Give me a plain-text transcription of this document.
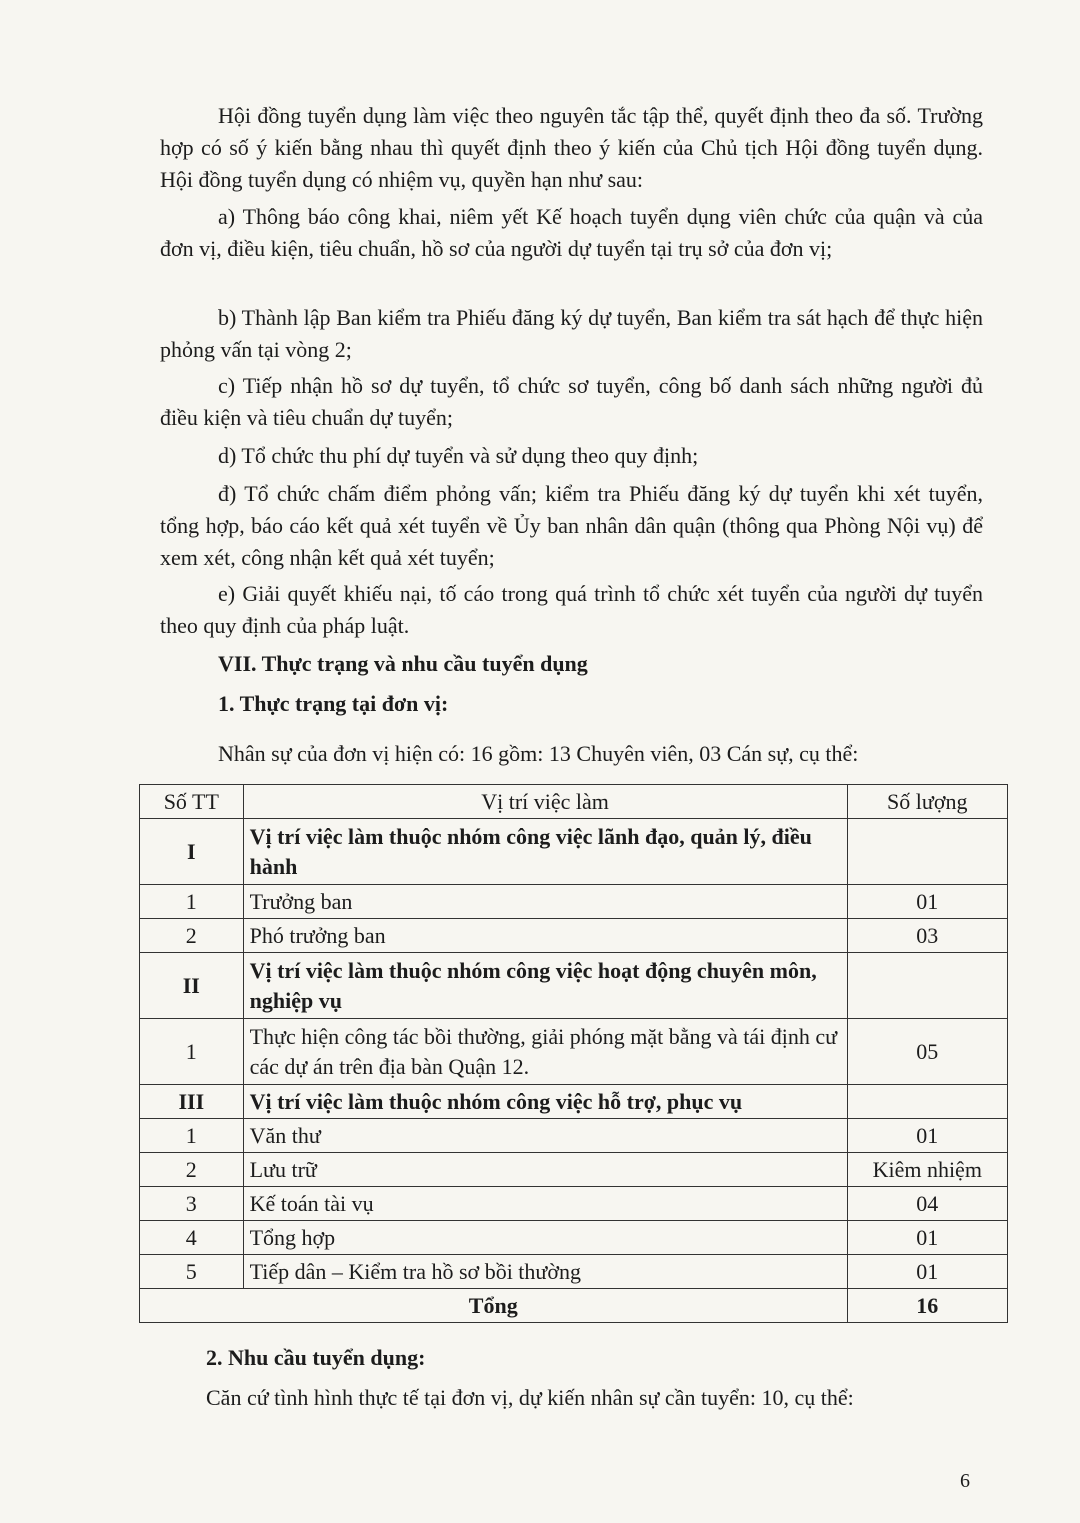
Hội đồng tuyển dụng làm việc theo nguyên tắc tập thể, quyết định theo đa số. Trường hợp có số ý kiến bằng nhau thì quyết định theo ý kiến của Chủ tịch Hội đồng tuyển dụng. Hội đồng tuyển dụng có nhiệm vụ, quyền hạn như sau:

a) Thông báo công khai, niêm yết Kế hoạch tuyển dụng viên chức của quận và của đơn vị, điều kiện, tiêu chuẩn, hồ sơ của người dự tuyển tại trụ sở của đơn vị;

b) Thành lập Ban kiểm tra Phiếu đăng ký dự tuyển, Ban kiểm tra sát hạch để thực hiện phỏng vấn tại vòng 2;

c) Tiếp nhận hồ sơ dự tuyển, tổ chức sơ tuyển, công bố danh sách những người đủ điều kiện và tiêu chuẩn dự tuyển;

d) Tổ chức thu phí dự tuyển và sử dụng theo quy định;

đ) Tổ chức chấm điểm phỏng vấn; kiểm tra Phiếu đăng ký dự tuyển khi xét tuyển, tổng hợp, báo cáo kết quả xét tuyển về Ủy ban nhân dân quận (thông qua Phòng Nội vụ) để xem xét, công nhận kết quả xét tuyển;

e) Giải quyết khiếu nại, tố cáo trong quá trình tổ chức xét tuyển của người dự tuyển theo quy định của pháp luật.

VII. Thực trạng và nhu cầu tuyển dụng

1. Thực trạng tại đơn vị:

Nhân sự của đơn vị hiện có: 16 gồm: 13 Chuyên viên, 03 Cán sự, cụ thể:

Số TT	Vị trí việc làm	Số lượng
I	Vị trí việc làm thuộc nhóm công việc lãnh đạo, quản lý, điều hành	
1	Trưởng ban	01
2	Phó trưởng ban	03
II	Vị trí việc làm thuộc nhóm công việc hoạt động chuyên môn, nghiệp vụ	
1	Thực hiện công tác bồi thường, giải phóng mặt bằng và tái định cư các dự án trên địa bàn Quận 12.	05
III	Vị trí việc làm thuộc nhóm công việc hỗ trợ, phục vụ	
1	Văn thư	01
2	Lưu trữ	Kiêm nhiệm
3	Kế toán tài vụ	04
4	Tổng hợp	01
5	Tiếp dân – Kiểm tra hồ sơ bồi thường	01
Tổng		16

2. Nhu cầu tuyển dụng:

Căn cứ tình hình thực tế tại đơn vị, dự kiến nhân sự cần tuyển: 10, cụ thể:

6
